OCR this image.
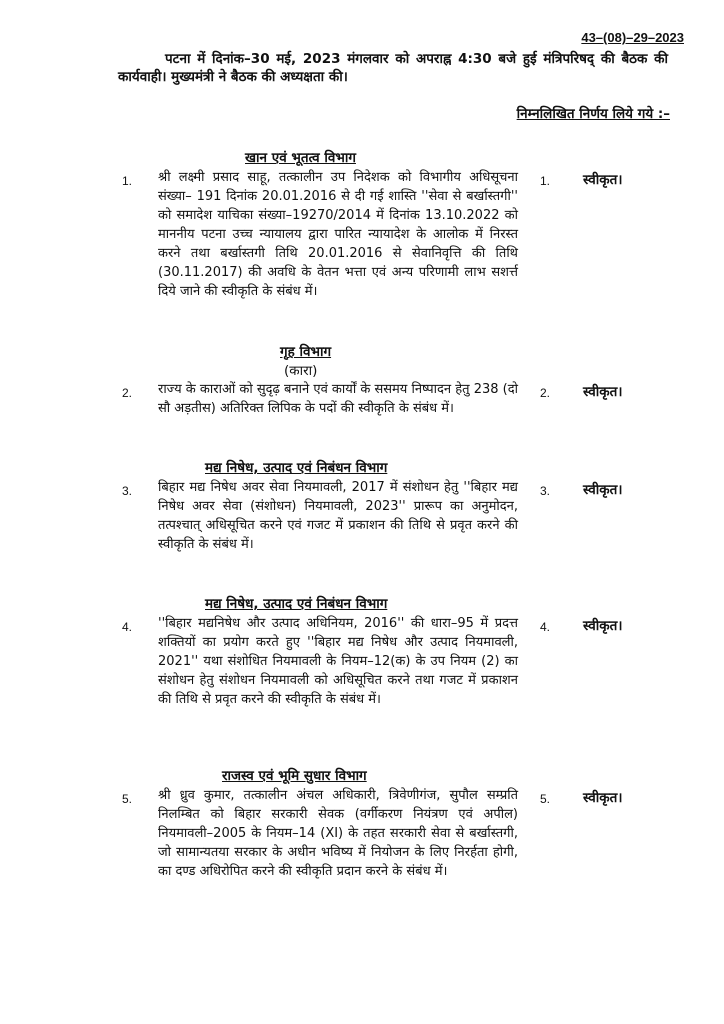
43–(08)–29–2023
पटना में दिनांक–30 मई, 2023 मंगलवार को अपराह्न 4:30 बजे हुई मंत्रिपरिषद् की बैठक की कार्यवाही। मुख्यमंत्री ने बैठक की अध्यक्षता की।
निम्नलिखित निर्णय लिये गये :–
खान एवं भूतत्व विभाग
1. श्री लक्ष्मी प्रसाद साहू, तत्कालीन उप निदेशक को विभागीय अधिसूचना संख्या– 191 दिनांक 20.01.2016 से दी गई शास्ति ''सेवा से बर्खास्तगी'' को समादेश याचिका संख्या–19270/2014 में दिनांक 13.10.2022 को माननीय पटना उच्च न्यायालय द्वारा पारित न्यायादेश के आलोक में निरस्त करने तथा बर्खास्तगी तिथि 20.01.2016 से सेवानिवृत्ति की तिथि (30.11.2017) की अवधि के वेतन भत्ता एवं अन्य परिणामी लाभ सशर्त्त दिये जाने की स्वीकृति के संबंध में।
1. स्वीकृत।
गृह विभाग
(कारा)
2. राज्य के काराओं को सुदृढ़ बनाने एवं कार्यों के ससमय निष्पादन हेतु 238 (दो सौ अड़तीस) अतिरिक्त लिपिक के पदों की स्वीकृति के संबंध में।
2. स्वीकृत।
मद्य निषेध, उत्पाद एवं निबंधन विभाग
3. बिहार मद्य निषेध अवर सेवा नियमावली, 2017 में संशोधन हेतु ''बिहार मद्य निषेध अवर सेवा (संशोधन) नियमावली, 2023'' प्रारूप का अनुमोदन, तत्पश्चात् अधिसूचित करने एवं गजट में प्रकाशन की तिथि से प्रवृत करने की स्वीकृति के संबंध में।
3. स्वीकृत।
मद्य निषेध, उत्पाद एवं निबंधन विभाग
4. ''बिहार मद्यनिषेध और उत्पाद अधिनियम, 2016'' की धारा–95 में प्रदत्त शक्तियों का प्रयोग करते हुए ''बिहार मद्य निषेध और उत्पाद नियमावली, 2021'' यथा संशोधित नियमावली के नियम–12(क) के उप नियम (2) का संशोधन हेतु संशोधन नियमावली को अधिसूचित करने तथा गजट में प्रकाशन की तिथि से प्रवृत करने की स्वीकृति के संबंध में।
4. स्वीकृत।
राजस्व एवं भूमि सुधार विभाग
5. श्री ध्रुव कुमार, तत्कालीन अंचल अधिकारी, त्रिवेणीगंज, सुपौल सम्प्रति निलम्बित को बिहार सरकारी सेवक (वर्गीकरण नियंत्रण एवं अपील) नियमावली–2005 के नियम–14 (XI) के तहत सरकारी सेवा से बर्खास्तगी, जो सामान्यतया सरकार के अधीन भविष्य में नियोजन के लिए निरर्हता होगी, का दण्ड अधिरोपित करने की स्वीकृति प्रदान करने के संबंध में।
5. स्वीकृत।
